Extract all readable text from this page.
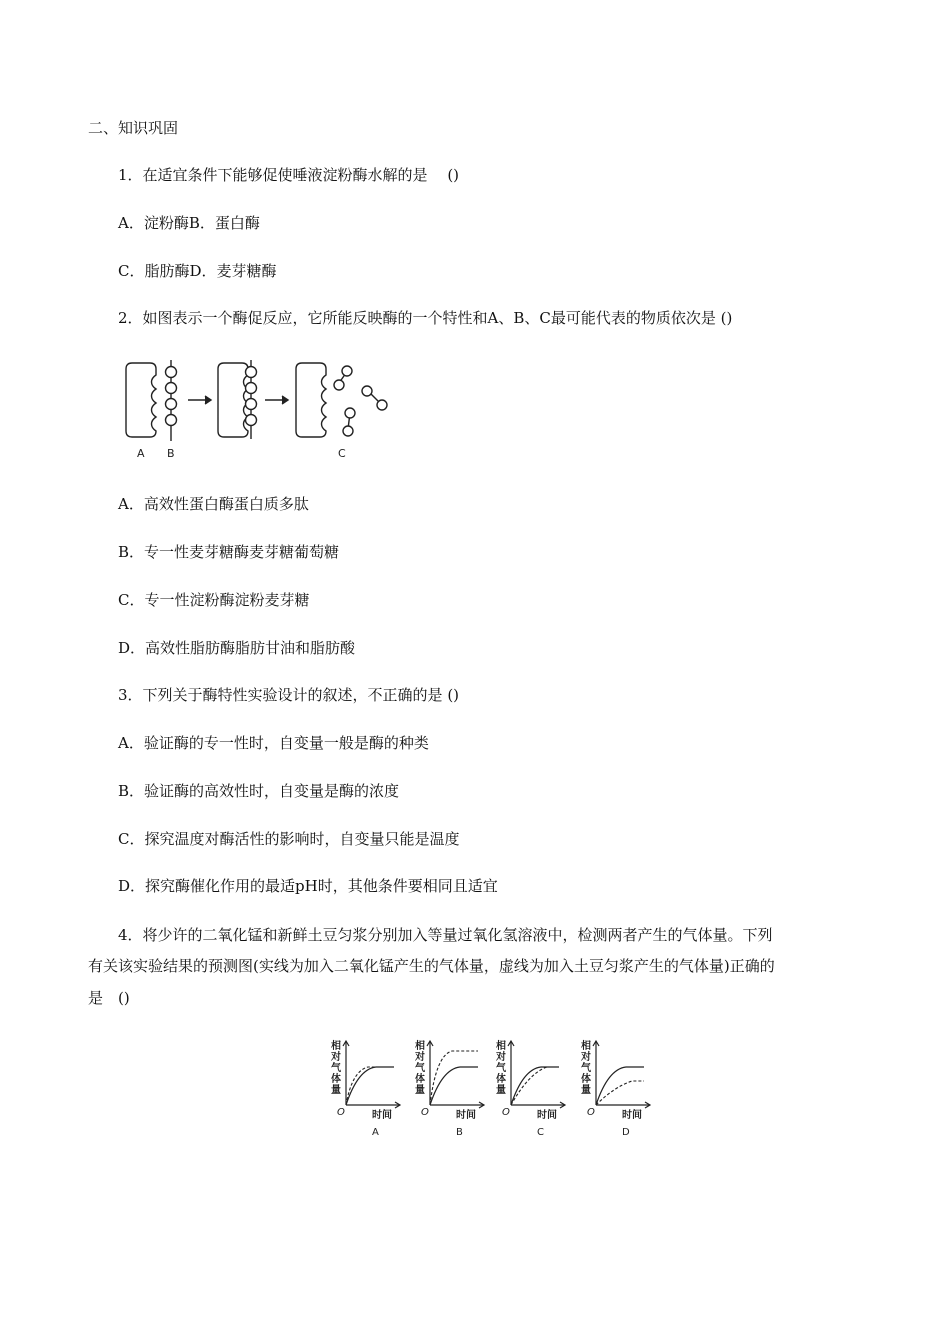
二、知识巩固
1．在适宜条件下能够促使唾液淀粉酶水解的是　 ()
A．淀粉酶B．蛋白酶
C．脂肪酶D．麦芽糖酶
2．如图表示一个酶促反应，它所能反映酶的一个特性和A、B、C最可能代表的物质依次是 ()
A B	C
A．高效性蛋白酶蛋白质多肽
B．专一性麦芽糖酶麦芽糖葡萄糖
C．专一性淀粉酶淀粉麦芽糖
D．高效性脂肪酶脂肪甘油和脂肪酸
3．下列关于酶特性实验设计的叙述，不正确的是 ()
A．验证酶的专一性时，自变量一般是酶的种类
B．验证酶的高效性时，自变量是酶的浓度
C．探究温度对酶活性的影响时，自变量只能是温度
D．探究酶催化作用的最适pH时，其他条件要相同且适宜
4．将少许的二氧化锰和新鲜土豆匀浆分别加入等量过氧化氢溶液中，检测两者产生的气体量。下列
有关该实验结果的预测图(实线为加入二氧化锰产生的气体量，虚线为加入土豆匀浆产生的气体量)正确的
是　()
相
对
气
体
量
O	时间
A
相
对
气
体
量
O	时间
B
相
对
气
体
量
O	时间
C
相
对
气
体
量
O	时间
D
